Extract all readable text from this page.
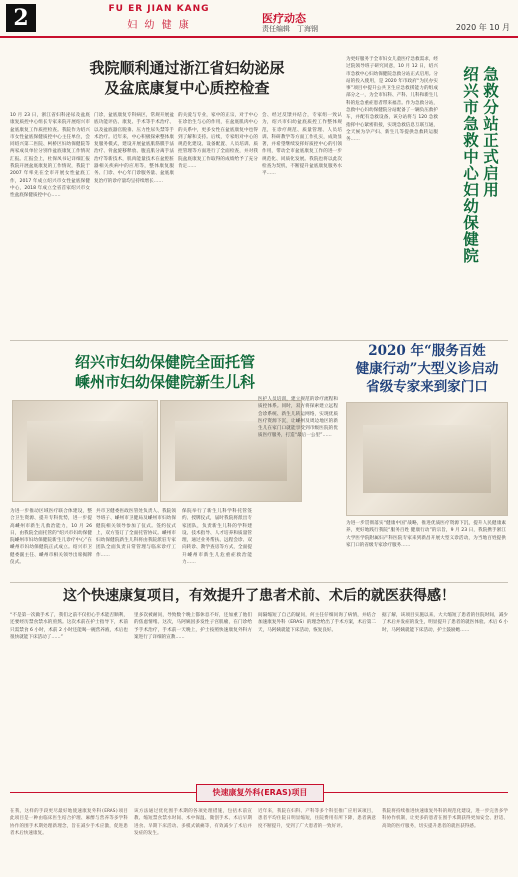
2	FU ER JIAN KANG
妇 幼 健 康
医疗动态
责任编辑　丁海钢	2020 年 10 月
我院顺利通过浙江省妇幼泌尿
及盆底康复中心质控检查
10 月 23 日，浙江省妇科泌尿及盆底康复质控中心组长专家来院开展绍兴市盆底康复工作质控检查。我院作为绍兴市女性盆底保健质控中心主任单位，会同绍兴第二医院、柯桥区妇幼保健院等两家成员单位分别作盆底康复工作情况汇报。汇报会上，杜保凤书记详细汇报我院开展盆底康复的工作情况，我院于 2007 年率先在全市开展女性盆底工作，2017 年成立绍兴市女性盆底保健中心，2018 年成立全省首家绍兴市女性盆底保健质控中心……
门诊，盆底康复专科病区，常规开展盆底功能评估、康复、手术等手术治疗、以及盆底器官脱垂、压力性尿失禁等手术治疗。近年来，中心积极探索整体康复服务模式，建设开展盆底肌筋膜手法治疗、骨盆旋移释放、腹直肌分离手法治疗等新技术，肌肉能量技术在盆腔脏器相关疾病中的应用等，整体康复服务、门诊、中心年门诊服务量、盆底康复治疗的诊疗量均呈持续增长……
的关爱与专业，家中的正宗，对于中心在诊治生与心的作用，在盆底肌肉中心的关系中，更多女性在盆底康复中也得到了解和支持。后续，专家组对中心的规范化建设、设备配置、人员培训、质控管理等方面进行了全面检查，并对我院盆底康复工作取得的成绩给予了充分肯定……
会、经过反馈并结合，专家组一致认为，绍兴市妇幼盆底质控工作整体规范，在诊疗规范、质量管理、人员培训、科研教学等方面工作扎实，成效显著，并希望继续发挥好质控中心的引领作用，带动全市盆底康复工作的进一步规范化、同质化发展。我院也将以此次检查为契机，不断提升盆底康复服务水平……
为更好服务于全市妇女儿童医疗急救需求，经过院领导班子研究同意，10 月 12 日，绍兴市急救中心妇幼保健院急救分站正式启用。分站的投入使用，是 2020 年市政府“为民办实事”项目中提升公共卫生应急救援能力的组成部分之一，为全市妇科、产科、儿科和新生儿科的危急重症患者带来福音。作为急救分站，急救中心妇幼保健院分站配备了一辆负压救护车，并配有急救设备，该分站将与 120 急救指挥中心紧密衔接，实现急救信息互联互通，全天候为孕产妇、新生儿等提供急救转运服务……	急救分站正式启用
绍兴市急救中心妇幼保健院
绍兴市妇幼保健院全面托管
嵊州市妇幼保健院新生儿科
为进一步推动区域医疗联合体建设，整合卫生资源、提升专科优势，进一步提高嵊州市新生儿救治能力，10 月 26 日，由我院全面托管的“绍兴市妇幼保健院嵊州市妇幼保健院新生儿诊疗中心”在嵊州市妇幼保健院正式成立。绍兴市卫健委副主任、嵊州市相关领导出席揭牌仪式。
共市卫健委医政医管处负责人、我院领导班子、嵊州市卫健局及嵊州市妇幼保健院相关领导参加了仪式。签约仪式上，双方签订了全面托管协议。嵊州市妇幼保健院新生儿科将由我院派驻专家团队全面负责日常管理与临床诊疗工作……
保院举行了新生儿科学科托管签约、授牌仪式，届时我院将派出专家团队，负责新生儿科的学科建设、技术指导、人才培养和质量管理，通过业务帮扶、远程会诊、双向转诊、教学查房等方式，全面提升嵊州市新生儿危重症救治能力……
医护人员培训，建立规范的诊疗流程和质控体系。同时，双方将探索建立远程会诊系统、新生儿转运网络，实现优质医疗资源下沉，让嵊州及周边地区的新生儿在家门口就能享受到市级医院的优质医疗服务，打造“最后一公里”……
2020 年“服务百姓
健康行动”大型义诊启动
省级专家来到家门口
为进一步贯彻落实“健康中国”战略，推进优质医疗资源下沉，提升人民健康素养，更好地践行我院“服务百姓 健康行动”的宗旨，9 月 23 日，我院携手浙江大学医学院附属妇产科医院专家来到新昌开展大型义诊活动，为当地百姓提供家门口的省级专家诊疗服务……
这个快速康复项目，有效提升了患者术前、术后的就医获得感！
“不是第一次做手术了，我们之前不仅担心手术能否顺利，还要经历禁食禁水的煎熬。这次术前在护士指导下，术前只需禁食 6 小时，术前 2 小时还能喝一碗营养液，术后也很快就能下床活动了……”
里多次被耐问，导致数个晚上都休息不好，还加重了他们的焦虑情绪。这次，马阿姨因多发性子宫肌瘤，在门诊给予手术治疗，手术前一天晚上，护士按照快速康复外科方案进行了详细的宣教……
间隔缩短了自己的疑问，何主任仔细问询了病情，并结合加速康复外科（ERAS）的理念给出了手术方案，术后第二天，马阿姨就能下床活动，恢复良好。
据了解，该项目实施以来，大大缩短了患者的住院时间，减少了术后并发症的发生，明显提升了患者的就医体验。术后 6 小时，马阿姨就能下床活动，护士鼓励她……
快速康复外科(ERAS)项目
在我，这样的手段更尽最好地使速康复外科(ERAS)项目 此项目是一种由临床医生结合护理、麻醉与营养等多学科协作的围手术期处理新理念，旨在减少手术应激，促进患者术后快速康复。
该方法通过优化围手术期的各项处理措施，包括术前宣教、缩短禁食禁水时间、术中保温、微创手术、术后早期进食、早期下床活动、多模式镇痛等，有效减少了术后并发症的发生。
近年来，我院在妇科、产科等多个科室推广应用该项目，患者平均住院日明显缩短，住院费用有所下降，患者满意度不断提升，受到了广大患者的一致好评。
我院将持续推进快速康复外科的规范化建设，进一步完善多学科协作机制，让更多的患者在围手术期获得更加安全、舒适、高效的医疗服务，切实提升患者的就医获得感。
